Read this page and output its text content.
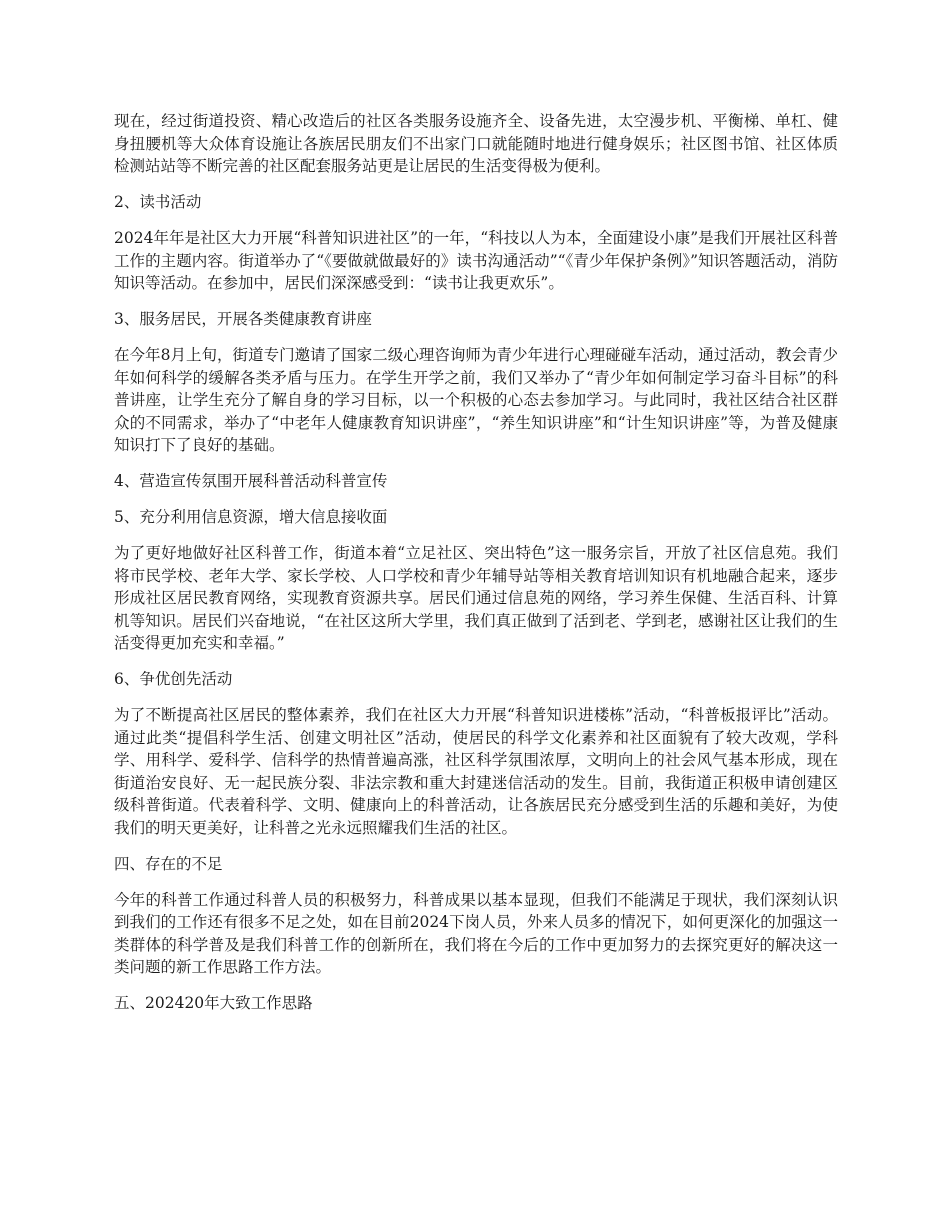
现在，经过街道投资、精心改造后的社区各类服务设施齐全、设备先进，太空漫步机、平衡梯、单杠、健身扭腰机等大众体育设施让各族居民朋友们不出家门口就能随时地进行健身娱乐；社区图书馆、社区体质检测站站等不断完善的社区配套服务站更是让居民的生活变得极为便利。

2、读书活动

2024年年是社区大力开展“科普知识进社区”的一年，“科技以人为本，全面建设小康”是我们开展社区科普工作的主题内容。街道举办了“《要做就做最好的》读书沟通活动”“《青少年保护条例》”知识答题活动，消防知识等活动。在参加中，居民们深深感受到：“读书让我更欢乐”。

3、服务居民，开展各类健康教育讲座

在今年8月上旬，街道专门邀请了国家二级心理咨询师为青少年进行心理碰碰车活动，通过活动，教会青少年如何科学的缓解各类矛盾与压力。在学生开学之前，我们又举办了“青少年如何制定学习奋斗目标”的科普讲座，让学生充分了解自身的学习目标，以一个积极的心态去参加学习。与此同时，我社区结合社区群众的不同需求，举办了“中老年人健康教育知识讲座”，“养生知识讲座”和“计生知识讲座”等，为普及健康知识打下了良好的基础。

4、营造宣传氛围开展科普活动科普宣传

5、充分利用信息资源，增大信息接收面

为了更好地做好社区科普工作，街道本着“立足社区、突出特色”这一服务宗旨，开放了社区信息苑。我们将市民学校、老年大学、家长学校、人口学校和青少年辅导站等相关教育培训知识有机地融合起来，逐步形成社区居民教育网络，实现教育资源共享。居民们通过信息苑的网络，学习养生保健、生活百科、计算机等知识。居民们兴奋地说，“在社区这所大学里，我们真正做到了活到老、学到老，感谢社区让我们的生活变得更加充实和幸福。”

6、争优创先活动

为了不断提高社区居民的整体素养，我们在社区大力开展“科普知识进楼栋”活动，“科普板报评比”活动。通过此类“提倡科学生活、创建文明社区”活动，使居民的科学文化素养和社区面貌有了较大改观，学科学、用科学、爱科学、信科学的热情普遍高涨，社区科学氛围浓厚，文明向上的社会风气基本形成，现在街道治安良好、无一起民族分裂、非法宗教和重大封建迷信活动的发生。目前，我街道正积极申请创建区级科普街道。代表着科学、文明、健康向上的科普活动，让各族居民充分感受到生活的乐趣和美好，为使我们的明天更美好，让科普之光永远照耀我们生活的社区。

四、存在的不足

今年的科普工作通过科普人员的积极努力，科普成果以基本显现，但我们不能满足于现状，我们深刻认识到我们的工作还有很多不足之处，如在目前2024下岗人员，外来人员多的情况下，如何更深化的加强这一类群体的科学普及是我们科普工作的创新所在，我们将在今后的工作中更加努力的去探究更好的解决这一类问题的新工作思路工作方法。

五、202420年大致工作思路
